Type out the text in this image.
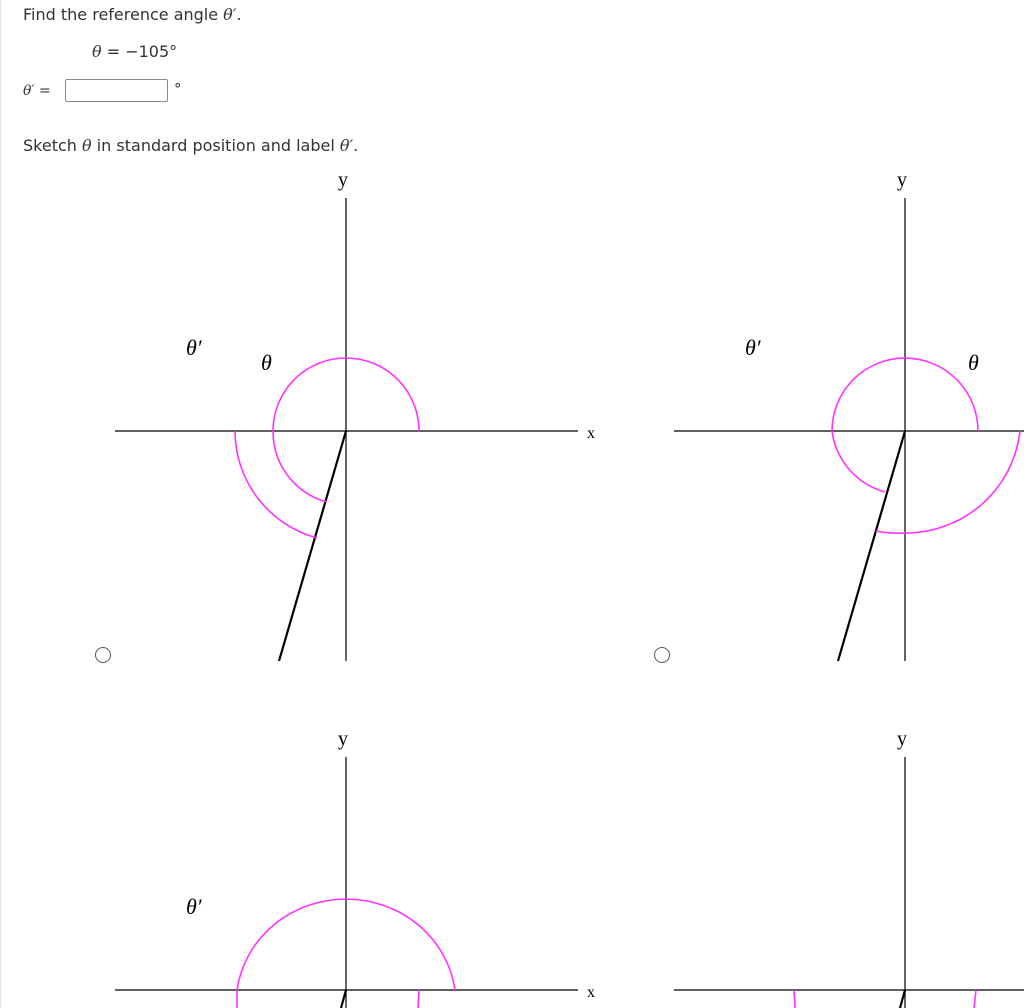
Find the reference angle θ′.
θ = −105°
θ′ =	°
Sketch θ in standard position and label θ′.
y
x
θ′
θ
y
θ′
θ
y
x
θ′
y
